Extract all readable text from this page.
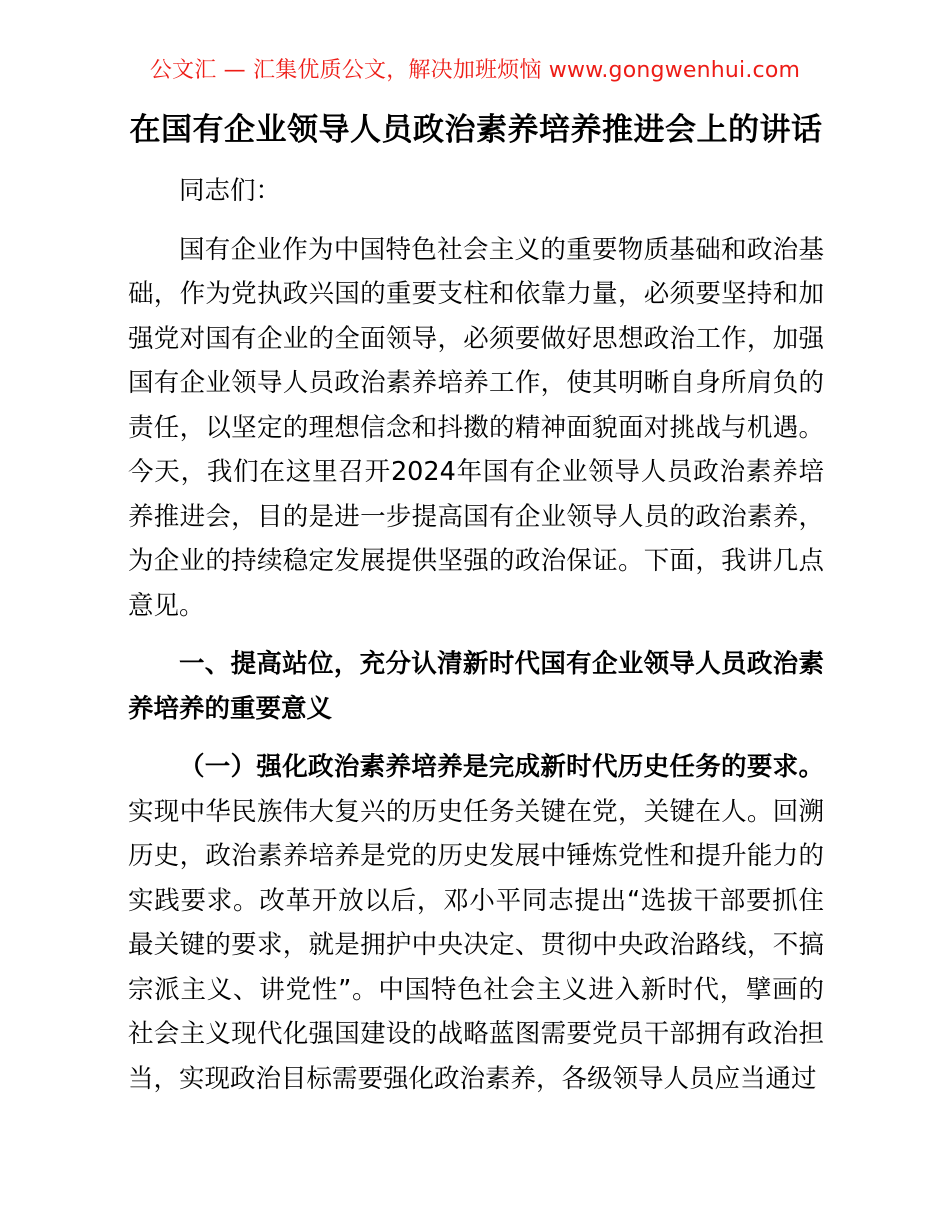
公文汇 — 汇集优质公文，解决加班烦恼 www.gongwenhui.com
在国有企业领导人员政治素养培养推进会上的讲话

同志们：

国有企业作为中国特色社会主义的重要物质基础和政治基础，作为党执政兴国的重要支柱和依靠力量，必须要坚持和加强党对国有企业的全面领导，必须要做好思想政治工作，加强国有企业领导人员政治素养培养工作，使其明晰自身所肩负的责任，以坚定的理想信念和抖擞的精神面貌面对挑战与机遇。今天，我们在这里召开2024年国有企业领导人员政治素养培养推进会，目的是进一步提高国有企业领导人员的政治素养，为企业的持续稳定发展提供坚强的政治保证。下面，我讲几点意见。

一、提高站位，充分认清新时代国有企业领导人员政治素养培养的重要意义

（一）强化政治素养培养是完成新时代历史任务的要求。实现中华民族伟大复兴的历史任务关键在党，关键在人。回溯历史，政治素养培养是党的历史发展中锤炼党性和提升能力的实践要求。改革开放以后，邓小平同志提出“选拔干部要抓住最关键的要求，就是拥护中央决定、贯彻中央政治路线，不搞宗派主义、讲党性”。中国特色社会主义进入新时代，擘画的社会主义现代化强国建设的战略蓝图需要党员干部拥有政治担当，实现政治目标需要强化政治素养，各级领导人员应当通过
